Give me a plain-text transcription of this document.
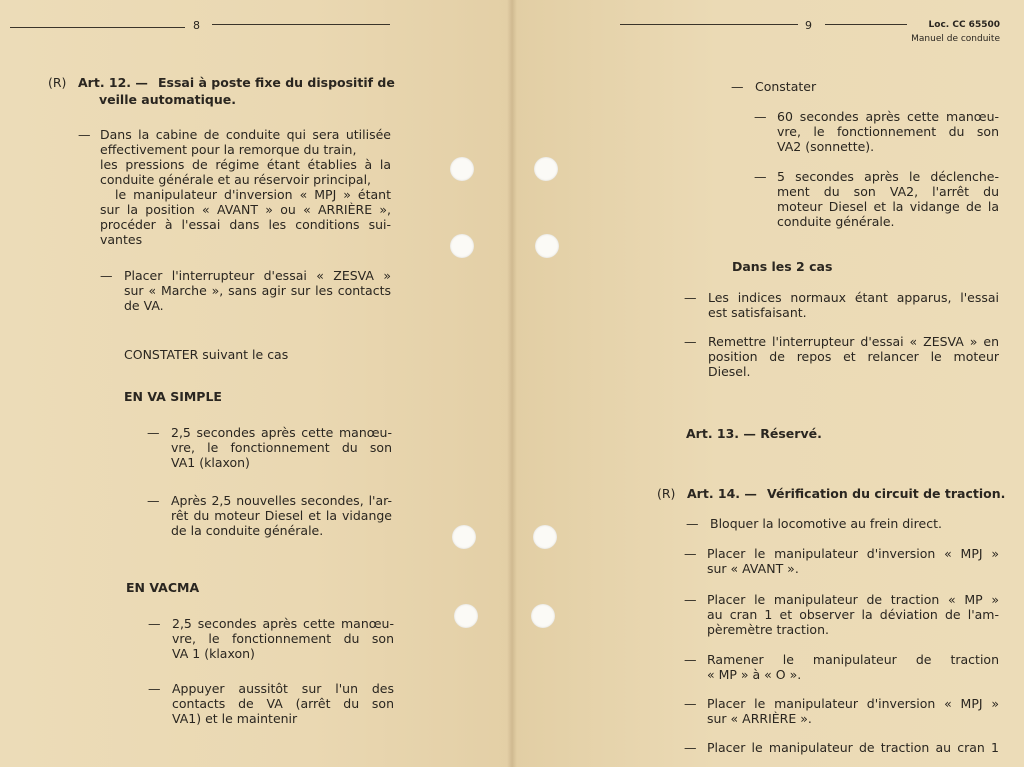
8	9	Loc. CC 65500
Manuel de conduite
(R) Art. 12. — Essai à poste fixe du dispositif de
veille automatique.
— Dans la cabine de conduite qui sera utilisée
effectivement pour la remorque du train,
les pressions de régime étant établies à la
conduite générale et au réservoir principal,
le manipulateur d'inversion « MPJ » étant
sur la position « AVANT » ou « ARRIÈRE »,
procéder à l'essai dans les conditions sui-
vantes
— Placer l'interrupteur d'essai « ZESVA »
sur « Marche », sans agir sur les contacts
de VA.
CONSTATER suivant le cas
EN VA SIMPLE
— 2,5 secondes après cette manœu-
vre, le fonctionnement du son
VA1 (klaxon)
— Après 2,5 nouvelles secondes, l'ar-
rêt du moteur Diesel et la vidange
de la conduite générale.
EN VACMA
— 2,5 secondes après cette manœu-
vre, le fonctionnement du son
VA 1 (klaxon)
— Appuyer aussitôt sur l'un des
contacts de VA (arrêt du son
VA1) et le maintenir
— Constater
— 60 secondes après cette manœu-
vre, le fonctionnement du son
VA2 (sonnette).
— 5 secondes après le déclenche-
ment du son VA2, l'arrêt du
moteur Diesel et la vidange de la
conduite générale.
Dans les 2 cas
— Les indices normaux étant apparus, l'essai
est satisfaisant.
— Remettre l'interrupteur d'essai « ZESVA » en
position de repos et relancer le moteur
Diesel.
Art. 13. — Réservé.
(R) Art. 14. — Vérification du circuit de traction.
— Bloquer la locomotive au frein direct.
— Placer le manipulateur d'inversion « MPJ »
sur « AVANT ».
— Placer le manipulateur de traction « MP »
au cran 1 et observer la déviation de l'am-
pèremètre traction.
— Ramener le manipulateur de traction
« MP » à « O ».
— Placer le manipulateur d'inversion « MPJ »
sur « ARRIÈRE ».
— Placer le manipulateur de traction au cran 1
